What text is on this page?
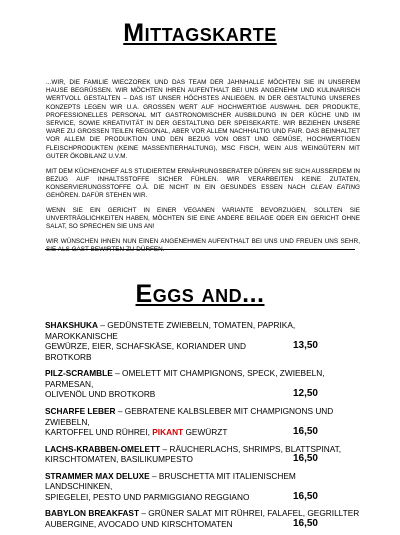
Mittagskarte

...WIR, DIE FAMILIE WIECZOREK UND DAS TEAM DER JAHNHALLE MÖCHTEN SIE IN UNSEREM HAUSE BEGRÜSSEN. WIR MÖCHTEN IHREN AUFENTHALT BEI UNS ANGENEHM UND KULINARISCH WERTVOLL GESTALTEN – DAS IST UNSER HÖCHSTES ANLIEGEN. IN DER GESTALTUNG UNSERES KONZEPTS LEGEN WIR U.A. GROSSEN WERT AUF HOCHWERTIGE AUSWAHL DER PRODUKTE, PROFESSIONELLES PERSONAL MIT GASTRONOMISCHER AUSBILDUNG IN DER KÜCHE UND IM SERVICE, SOWIE KREATIVITÄT IN DER GESTALTUNG DER SPEISEKARTE. WIR BEZIEHEN UNSERE WARE ZU GROSSEN TEILEN REGIONAL, ABER VOR ALLEM NACHHALTIG UND FAIR. DAS BEINHALTET VOR ALLEM DIE PRODUKTION UND DEN BEZUG VON OBST UND GEMÜSE, HOCHWERTIGEN FLEISCHPRODUKTEN (KEINE MASSENTIERHALTUNG), MSC FISCH, WEIN AUS WEINGÜTERN MIT GUTER ÖKOBILANZ U.V.M.

MIT DEM KÜCHENCHEF ALS STUDIERTEM ERNÄHRUNGSBERATER DÜRFEN SIE SICH AUSSERDEM IN BEZUG AUF INHALTSSTOFFE SICHER FÜHLEN. WIR VERARBEITEN KEINE ZUTATEN, KONSERVIERUNGSSTOFFE O.Ä. DIE NICHT IN EIN GESUNDES ESSEN NACH CLEAN EATING GEHÖREN. DAFÜR STEHEN WIR.

WENN SIE EIN GERICHT IN EINER VEGANEN VARIANTE BEVORZUGEN, SOLLTEN SIE UNVERTRÄGLICHKEITEN HABEN, MÖCHTEN SIE EINE ANDERE BEILAGE ODER EIN GERICHT OHNE SALAT, SO SPRECHEN SIE UNS AN!

WIR WÜNSCHEN IHNEN NUN EINEN ANGENEHMEN AUFENTHALT BEI UNS UND FREUEN UNS SEHR, SIE ALS GAST BEWIRTEN ZU DÜRFEN.

Eggs and...
SHAKSHUKA – GEDÜNSTETE ZWIEBELN, TOMATEN, PAPRIKA, MAROKKANISCHE
GEWÜRZE, EIER, SCHAFSKÄSE, KORIANDER UND BROTKORB
13,50
PILZ-SCRAMBLE – OMELETT MIT CHAMPIGNONS, SPECK, ZWIEBELN, PARMESAN,
OLIVENÖL UND BROTKORB	12,50
SCHARFE LEBER – GEBRATENE KALBSLEBER MIT CHAMPIGNONS UND ZWIEBELN,
KARTOFFEL UND RÜHREI, PIKANT GEWÜRZT	16,50
LACHS-KRABBEN-OMELETT – RÄUCHERLACHS, SHRIMPS, BLATTSPINAT,
KIRSCHTOMATEN, BASILIKUMPESTO	16,50
STRAMMER MAX DELUXE – BRUSCHETTA MIT ITALIENISCHEM LANDSCHINKEN,
SPIEGELEI, PESTO UND PARMIGGIANO REGGIANO	16,50
BABYLON BREAKFAST – GRÜNER SALAT MIT RÜHREI, FALAFEL, GEGRILLTER
AUBERGINE, AVOCADO UND KIRSCHTOMATEN	16,50
